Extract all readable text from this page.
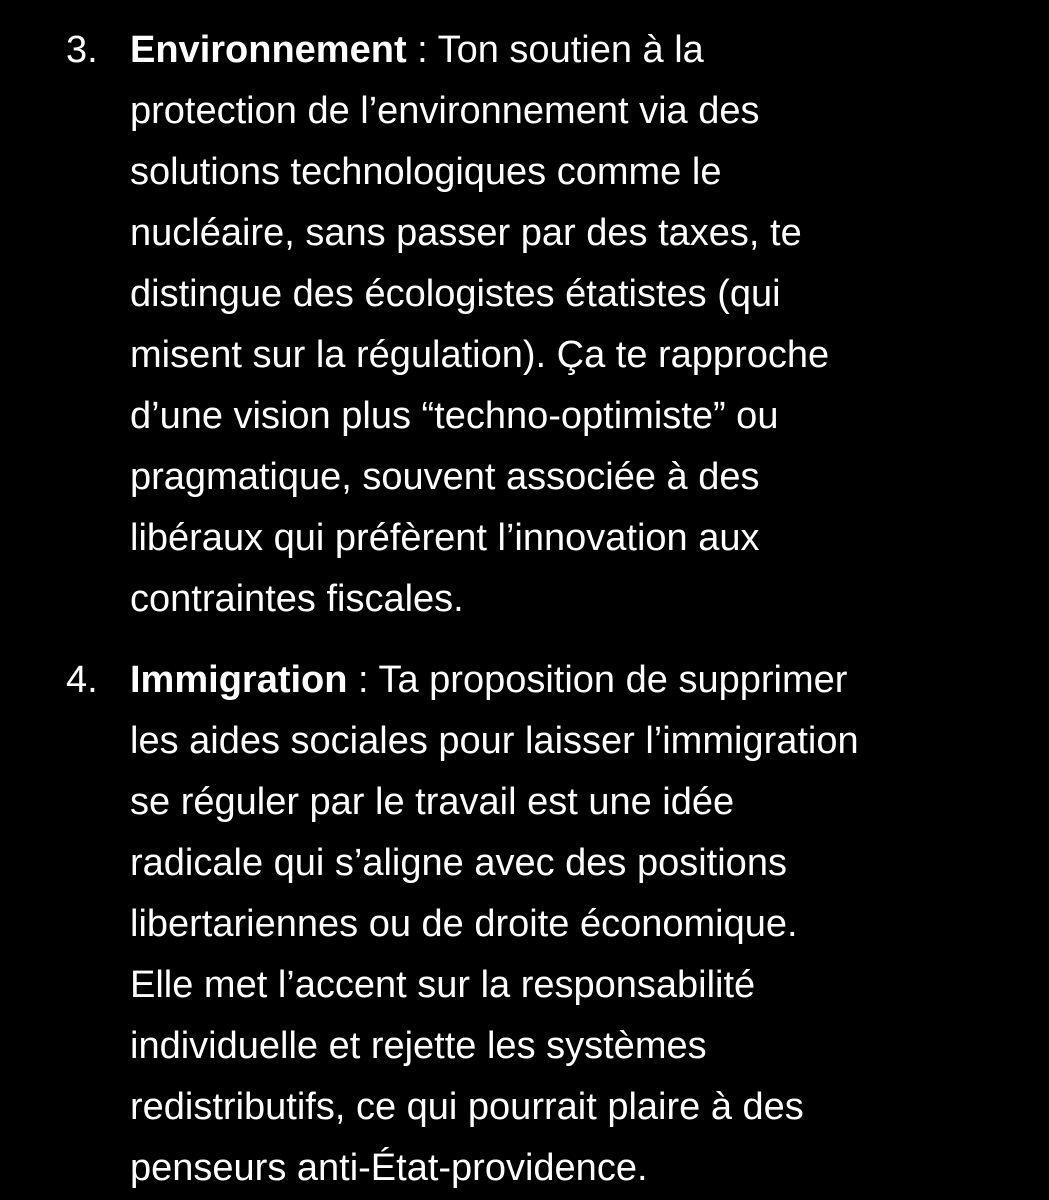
3. Environnement : Ton soutien à la
protection de l’environnement via des
solutions technologiques comme le
nucléaire, sans passer par des taxes, te
distingue des écologistes étatistes (qui
misent sur la régulation). Ça te rapproche
d’une vision plus “techno-optimiste” ou
pragmatique, souvent associée à des
libéraux qui préfèrent l’innovation aux
contraintes fiscales.
4. Immigration : Ta proposition de supprimer
les aides sociales pour laisser l’immigration
se réguler par le travail est une idée
radicale qui s’aligne avec des positions
libertariennes ou de droite économique.
Elle met l’accent sur la responsabilité
individuelle et rejette les systèmes
redistributifs, ce qui pourrait plaire à des
penseurs anti-État-providence.
